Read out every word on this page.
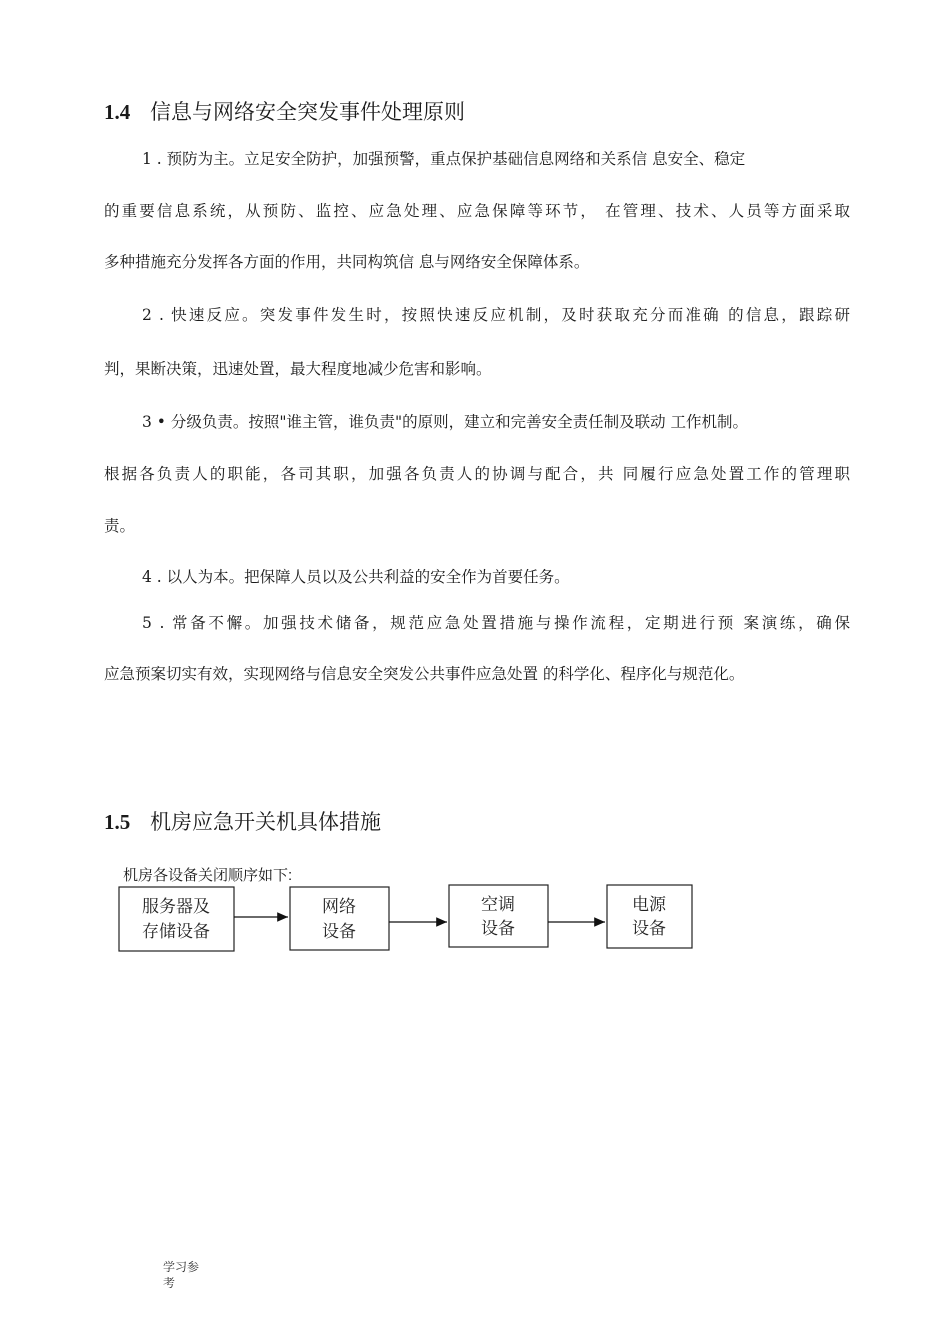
1.4 信息与网络安全突发事件处理原则
1 . 预防为主。立足安全防护，加强预警，重点保护基础信息网络和关系信 息安全、稳定
的重要信息系统，从预防、监控、应急处理、应急保障等环节， 在管理、技术、人员等方面采取
多种措施充分发挥各方面的作用，共同构筑信 息与网络安全保障体系。
2 . 快速反应。突发事件发生时，按照快速反应机制，及时获取充分而准确 的信息，跟踪研
判，果断决策，迅速处置，最大程度地减少危害和影响。
3 • 分级负责。按照"谁主管，谁负责"的原则，建立和完善安全责任制及联动 工作机制。
根据各负责人的职能，各司其职，加强各负责人的协调与配合，共 同履行应急处置工作的管理职
责。
4 . 以人为本。把保障人员以及公共利益的安全作为首要任务。
5 . 常备不懈。加强技术储备，规范应急处置措施与操作流程，定期进行预 案演练，确保
应急预案切实有效，实现网络与信息安全突发公共事件应急处置 的科学化、程序化与规范化。
1.5 机房应急开关机具体措施
机房各设备关闭顺序如下:
服务器及
存储设备
网络
设备
空调
设备
电源
设备
学习参
考
